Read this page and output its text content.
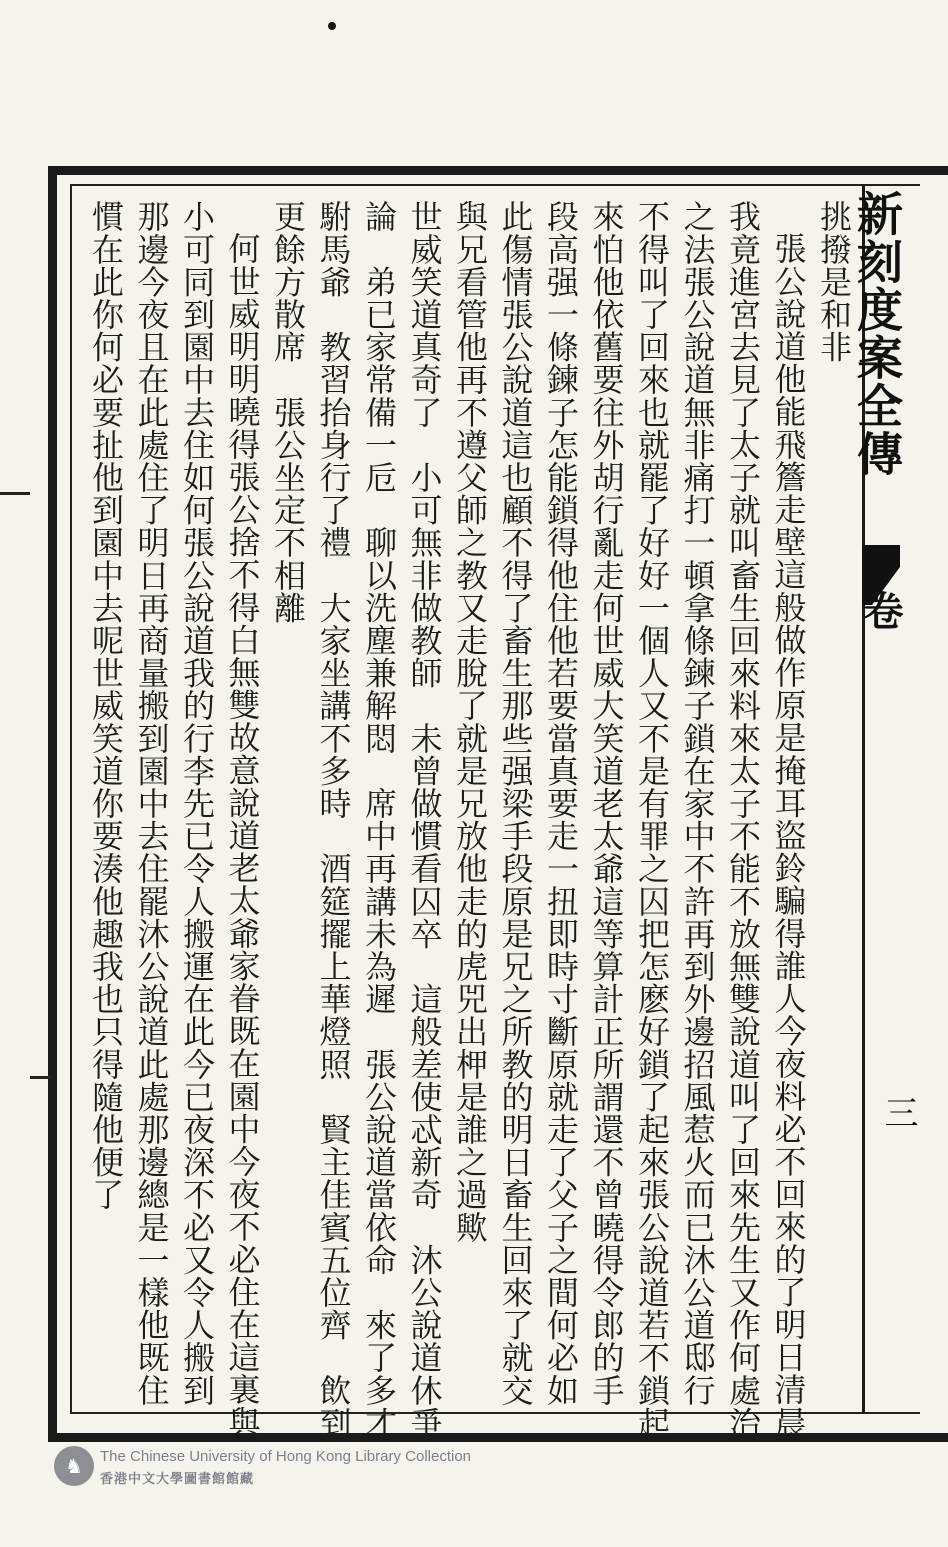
新刻度案全傳
卷
三
挑撥是和非
張公說道他能飛簷走壁這般做作原是掩耳盜鈴騙得誰人今夜料必不回來的了明日清晨
我竟進宮去見了太子就叫畜生回來料來太子不能不放無雙說道叫了回來先生又作何處治
之法張公說道無非痛打一頓拿條鍊子鎖在家中不許再到外邊招風惹火而已沐公道邸行
不得叫了回來也就罷了好好一個人又不是有罪之囚把怎麽好鎖了起來張公說道若不鎖起
來怕他依舊要往外胡行亂走何世威大笑道老太爺這等算計正所謂還不曾曉得令郎的手
段高强一條鍊子怎能鎖得他住他若要當真要走一扭即時寸斷原就走了父子之間何必如
此傷情張公說道這也顧不得了畜生那些强梁手段原是兄之所教的明日畜生回來了就交
與兄看管他再不遵父師之教又走脫了就是兄放他走的虎兕出柙是誰之過歟
世威笑道真奇了　小可無非做教師　未曾做慣看囚卒　這般差使忒新奇　沐公說道休爭
論　弟已家常備一卮　聊以洗塵兼解悶　席中再講未為遲　張公說道當依命　來了多才
駙馬爺　教習抬身行了禮　大家坐講不多時　酒筵擺上華燈照　賢主佳賓五位齊　飲到
更餘方散席　張公坐定不相離
何世威明明曉得張公捨不得白無雙故意說道老太爺家眷既在園中今夜不必住在這裏與
小可同到園中去住如何張公說道我的行李先已令人搬運在此今已夜深不必又令人搬到
那邊今夜且在此處住了明日再商量搬到園中去住罷沐公說道此處那邊總是一樣他既住
慣在此你何必要扯他到園中去呢世威笑道你要湊他趣我也只得隨他便了
♞	The Chinese University of Hong Kong Library Collection
香港中文大學圖書館館藏
